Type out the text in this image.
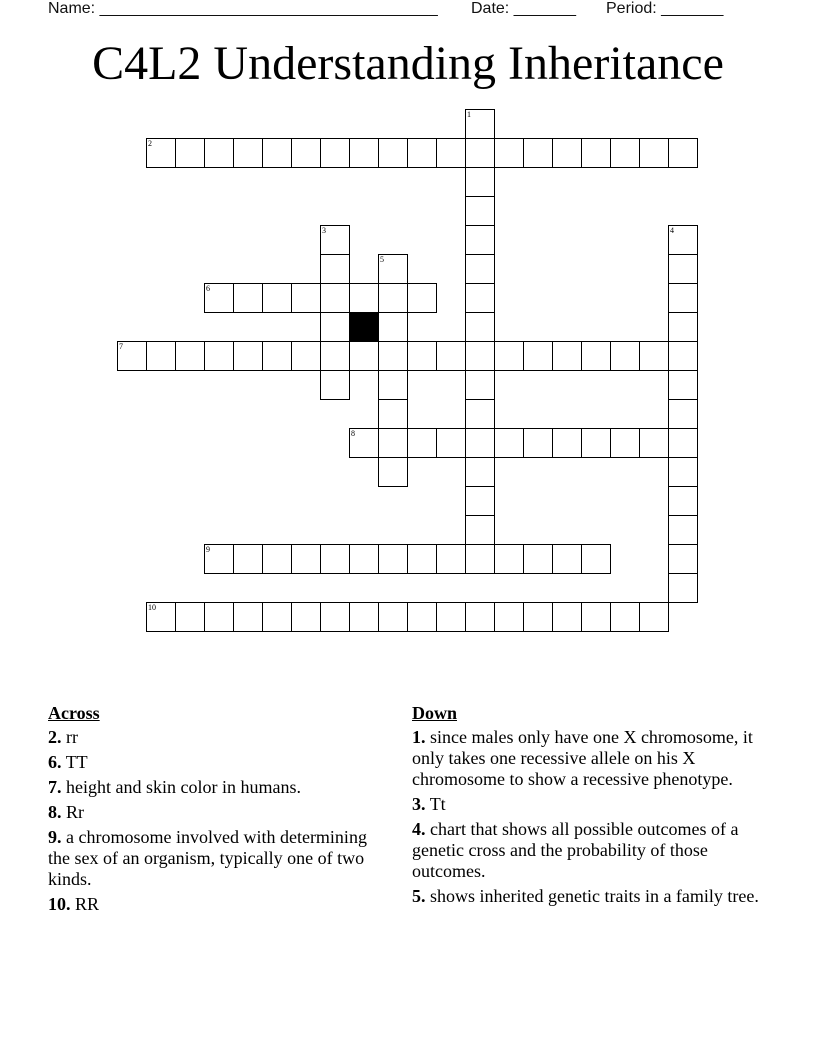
Name: ______________________________________ Date: _______ Period: _______
C4L2 Understanding Inheritance
1
2
3	4
5
6
7
8
9
10
Across
2. rr
6. TT
7. height and skin color in humans.
8. Rr
9. a chromosome involved with determining the sex of an organism, typically one of two kinds.
10. RR
Down
1. since males only have one X chromosome, it only takes one recessive allele on his X chromosome to show a recessive phenotype.
3. Tt
4. chart that shows all possible outcomes of a genetic cross and the probability of those outcomes.
5. shows inherited genetic traits in a family tree.
